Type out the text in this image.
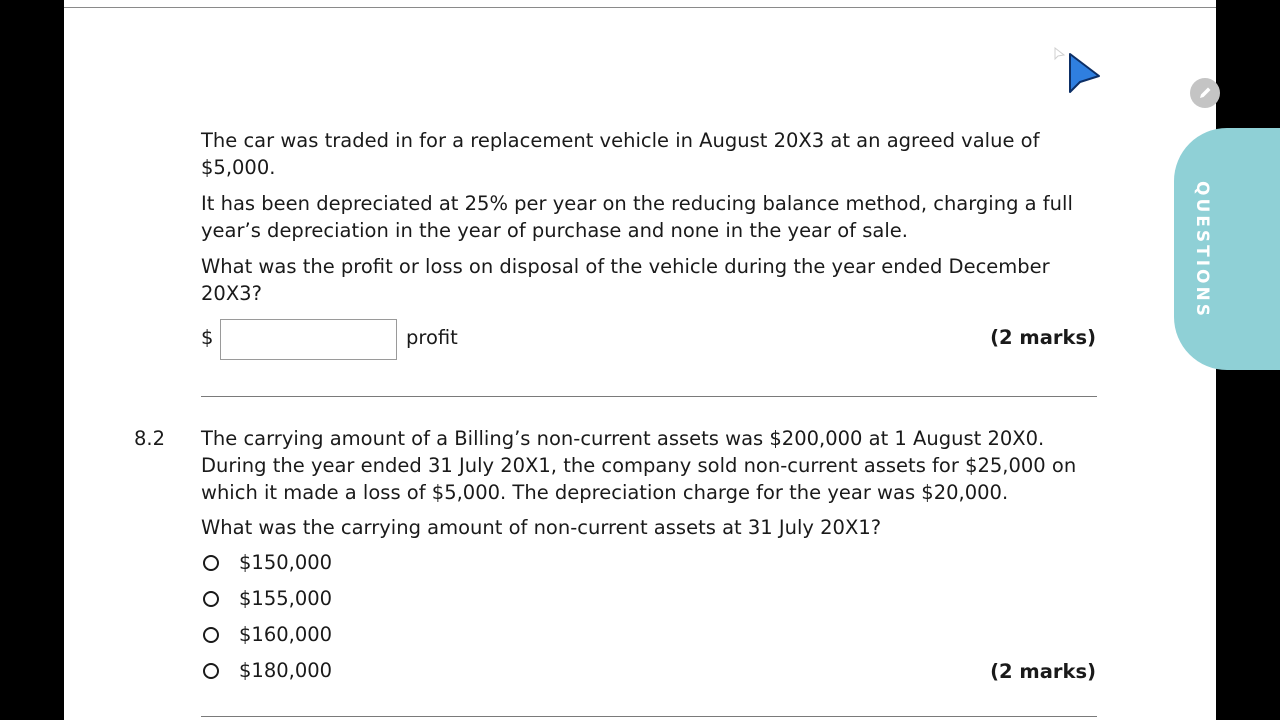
The car was traded in for a replacement vehicle in August 20X3 at an agreed value of $5,000.

It has been depreciated at 25% per year on the reducing balance method, charging a full year’s depreciation in the year of purchase and none in the year of sale.

What was the profit or loss on disposal of the vehicle during the year ended December 20X3?

$	profit	(2 marks)
8.2 The carrying amount of a Billing’s non-current assets was $200,000 at 1 August 20X0. During the year ended 31 July 20X1, the company sold non-current assets for $25,000 on which it made a loss of $5,000. The depreciation charge for the year was $20,000.

What was the carrying amount of non-current assets at 31 July 20X1?

$150,000
$155,000
$160,000
$180,000	(2 marks)
QUESTIONS
